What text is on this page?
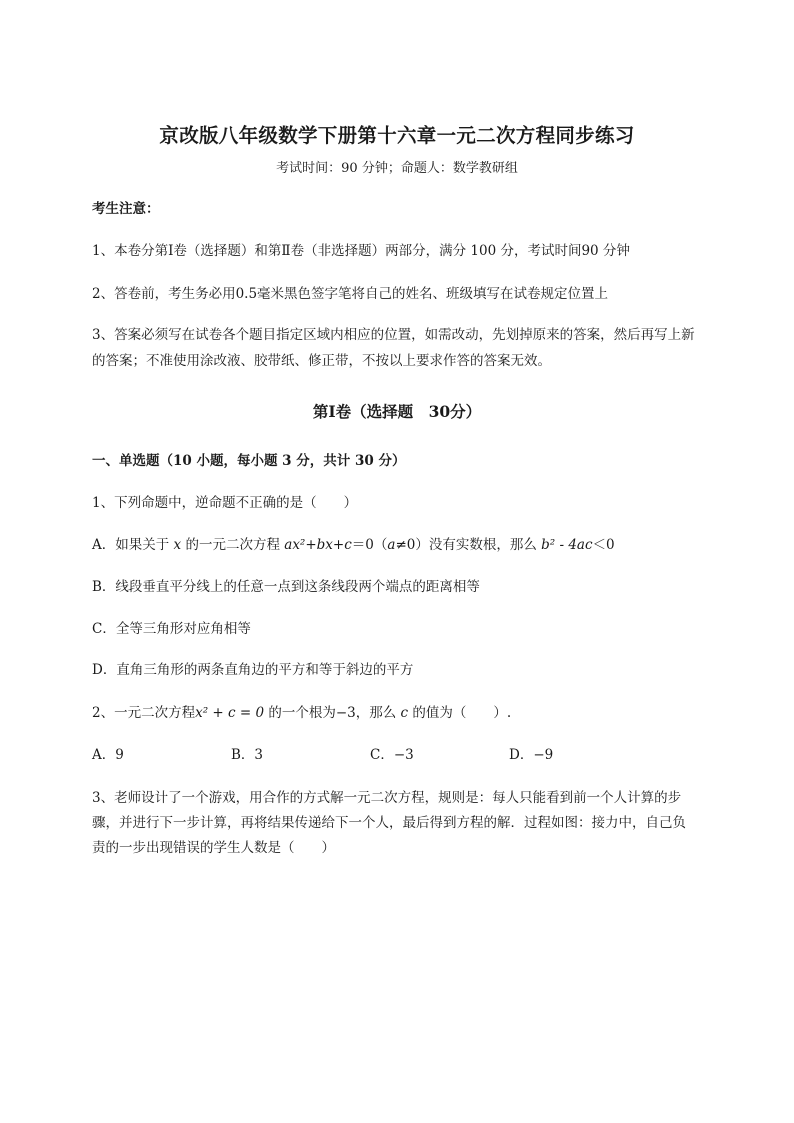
京改版八年级数学下册第十六章一元二次方程同步练习
考试时间：90 分钟；命题人：数学教研组
考生注意：
1、本卷分第Ⅰ卷（选择题）和第Ⅱ卷（非选择题）两部分，满分 100 分，考试时间90 分钟
2、答卷前，考生务必用0.5毫米黑色签字笔将自己的姓名、班级填写在试卷规定位置上
3、答案必须写在试卷各个题目指定区域内相应的位置，如需改动，先划掉原来的答案，然后再写上新
的答案；不准使用涂改液、胶带纸、修正带，不按以上要求作答的答案无效。
第Ⅰ卷（选择题　30分）
一、单选题（10 小题，每小题 3 分，共计 30 分）
1、下列命题中，逆命题不正确的是（　　）
A．如果关于 x 的一元二次方程 ax²+bx+c＝0（a≠0）没有实数根，那么 b² - 4ac＜0
B．线段垂直平分线上的任意一点到这条线段两个端点的距离相等
C．全等三角形对应角相等
D．直角三角形的两条直角边的平方和等于斜边的平方
2、一元二次方程x² + c = 0 的一个根为−3，那么 c 的值为（　　）.
A．9	B．3	C．−3	D．−9
3、老师设计了一个游戏，用合作的方式解一元二次方程，规则是：每人只能看到前一个人计算的步
骤，并进行下一步计算，再将结果传递给下一个人，最后得到方程的解．过程如图：接力中，自己负
责的一步出现错误的学生人数是（　　）
